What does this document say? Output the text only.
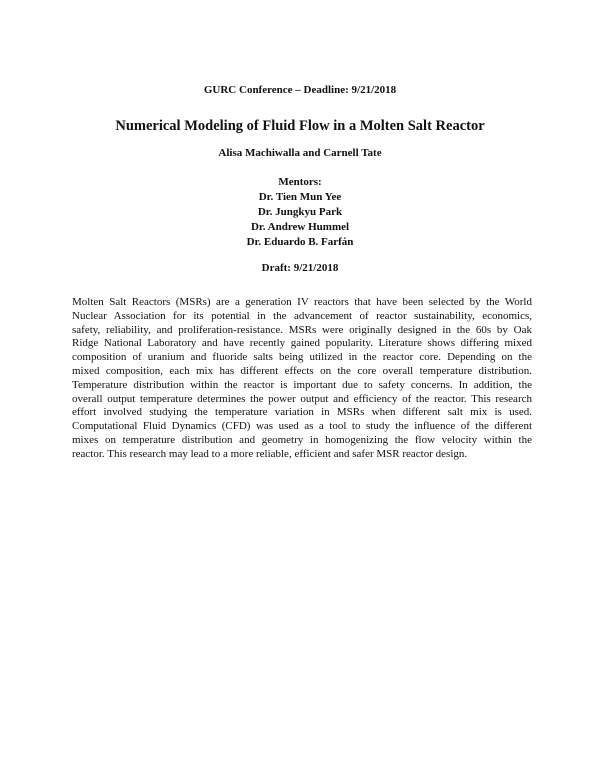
GURC Conference – Deadline: 9/21/2018
Numerical Modeling of Fluid Flow in a Molten Salt Reactor
Alisa Machiwalla and Carnell Tate
Mentors:
Dr. Tien Mun Yee
Dr. Jungkyu Park
Dr. Andrew Hummel
Dr. Eduardo B. Farfán
Draft: 9/21/2018
Molten Salt Reactors (MSRs) are a generation IV reactors that have been selected by the World
Nuclear Association for its potential in the advancement of reactor sustainability, economics,
safety, reliability, and proliferation-resistance. MSRs were originally designed in the 60s by Oak
Ridge National Laboratory and have recently gained popularity. Literature shows differing mixed
composition of uranium and fluoride salts being utilized in the reactor core. Depending on the
mixed composition, each mix has different effects on the core overall temperature distribution.
Temperature distribution within the reactor is important due to safety concerns. In addition, the
overall output temperature determines the power output and efficiency of the reactor. This research
effort involved studying the temperature variation in MSRs when different salt mix is used.
Computational Fluid Dynamics (CFD) was used as a tool to study the influence of the different
mixes on temperature distribution and geometry in homogenizing the flow velocity within the
reactor. This research may lead to a more reliable, efficient and safer MSR reactor design.
